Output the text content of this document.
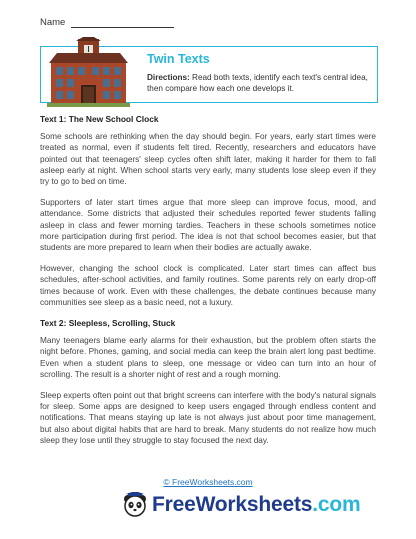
Name
Twin Texts
Directions: Read both texts, identify each text's central idea, then compare how each one develops it.
Text 1: The New School Clock

Some schools are rethinking when the day should begin. For years, early start times were treated as normal, even if students felt tired. Recently, researchers and educators have pointed out that teenagers' sleep cycles often shift later, making it harder for them to fall asleep early at night. When school starts very early, many students lose sleep even if they try to go to bed on time.

Supporters of later start times argue that more sleep can improve focus, mood, and attendance. Some districts that adjusted their schedules reported fewer students falling asleep in class and fewer morning tardies. Teachers in these schools sometimes notice more participation during first period. The idea is not that school becomes easier, but that students are more prepared to learn when their bodies are actually awake.

However, changing the school clock is complicated. Later start times can affect bus schedules, after-school activities, and family routines. Some parents rely on early drop-off times because of work. Even with these challenges, the debate continues because many communities see sleep as a basic need, not a luxury.

Text 2: Sleepless, Scrolling, Stuck

Many teenagers blame early alarms for their exhaustion, but the problem often starts the night before. Phones, gaming, and social media can keep the brain alert long past bedtime. Even when a student plans to sleep, one message or video can turn into an hour of scrolling. The result is a shorter night of rest and a rough morning.

Sleep experts often point out that bright screens can interfere with the body's natural signals for sleep. Some apps are designed to keep users engaged through endless content and notifications. That means staying up late is not always just about poor time management, but also about digital habits that are hard to break. Many students do not realize how much sleep they lose until they struggle to stay focused the next day.

© FreeWorksheets.com
FreeWorksheets.com
